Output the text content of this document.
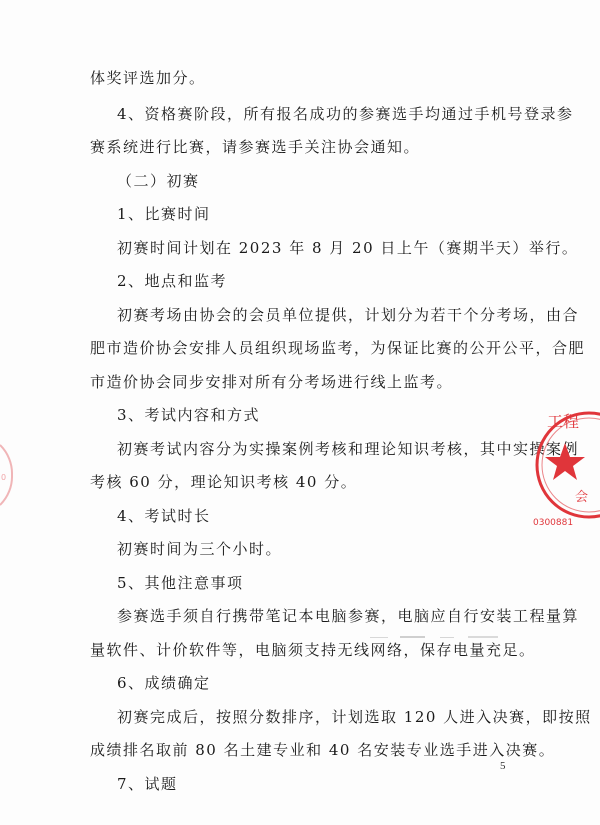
体奖评选加分。
4、资格赛阶段，所有报名成功的参赛选手均通过手机号登录参
赛系统进行比赛，请参赛选手关注协会通知。
（二）初赛
1、比赛时间
初赛时间计划在 2023 年 8 月 20 日上午（赛期半天）举行。
2、地点和监考
初赛考场由协会的会员单位提供，计划分为若干个分考场，由合
肥市造价协会安排人员组织现场监考，为保证比赛的公开公平，合肥
市造价协会同步安排对所有分考场进行线上监考。
3、考试内容和方式
初赛考试内容分为实操案例考核和理论知识考核，其中实操案例
考核 60 分，理论知识考核 40 分。
4、考试时长
初赛时间为三个小时。
5、其他注意事项
参赛选手须自行携带笔记本电脑参赛，电脑应自行安装工程量算
量软件、计价软件等，电脑须支持无线网络，保存电量充足。
6、成绩确定
初赛完成后，按照分数排序，计划选取 120 人进入决赛，即按照
成绩排名取前 80 名土建专业和 40 名安装专业选手进入决赛。
7、试题
5
工程
会
0300881
0
